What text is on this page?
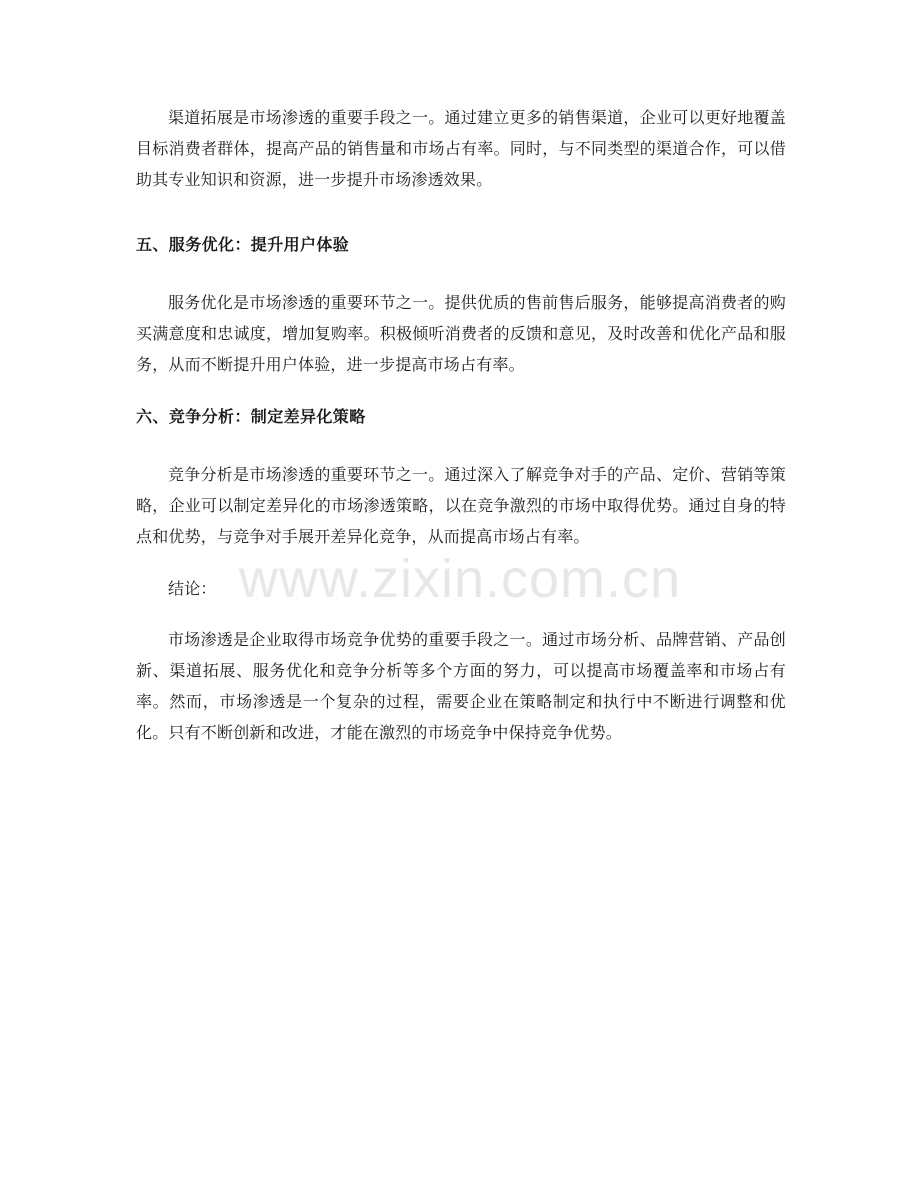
渠道拓展是市场渗透的重要手段之一。通过建立更多的销售渠道，企业可以更好地覆盖目标消费者群体，提高产品的销售量和市场占有率。同时，与不同类型的渠道合作，可以借助其专业知识和资源，进一步提升市场渗透效果。

五、服务优化：提升用户体验

服务优化是市场渗透的重要环节之一。提供优质的售前售后服务，能够提高消费者的购买满意度和忠诚度，增加复购率。积极倾听消费者的反馈和意见，及时改善和优化产品和服务，从而不断提升用户体验，进一步提高市场占有率。

六、竞争分析：制定差异化策略

竞争分析是市场渗透的重要环节之一。通过深入了解竞争对手的产品、定价、营销等策略，企业可以制定差异化的市场渗透策略，以在竞争激烈的市场中取得优势。通过自身的特点和优势，与竞争对手展开差异化竞争，从而提高市场占有率。

结论：

市场渗透是企业取得市场竞争优势的重要手段之一。通过市场分析、品牌营销、产品创新、渠道拓展、服务优化和竞争分析等多个方面的努力，可以提高市场覆盖率和市场占有率。然而，市场渗透是一个复杂的过程，需要企业在策略制定和执行中不断进行调整和优化。只有不断创新和改进，才能在激烈的市场竞争中保持竞争优势。

www.zixin.com.cn
